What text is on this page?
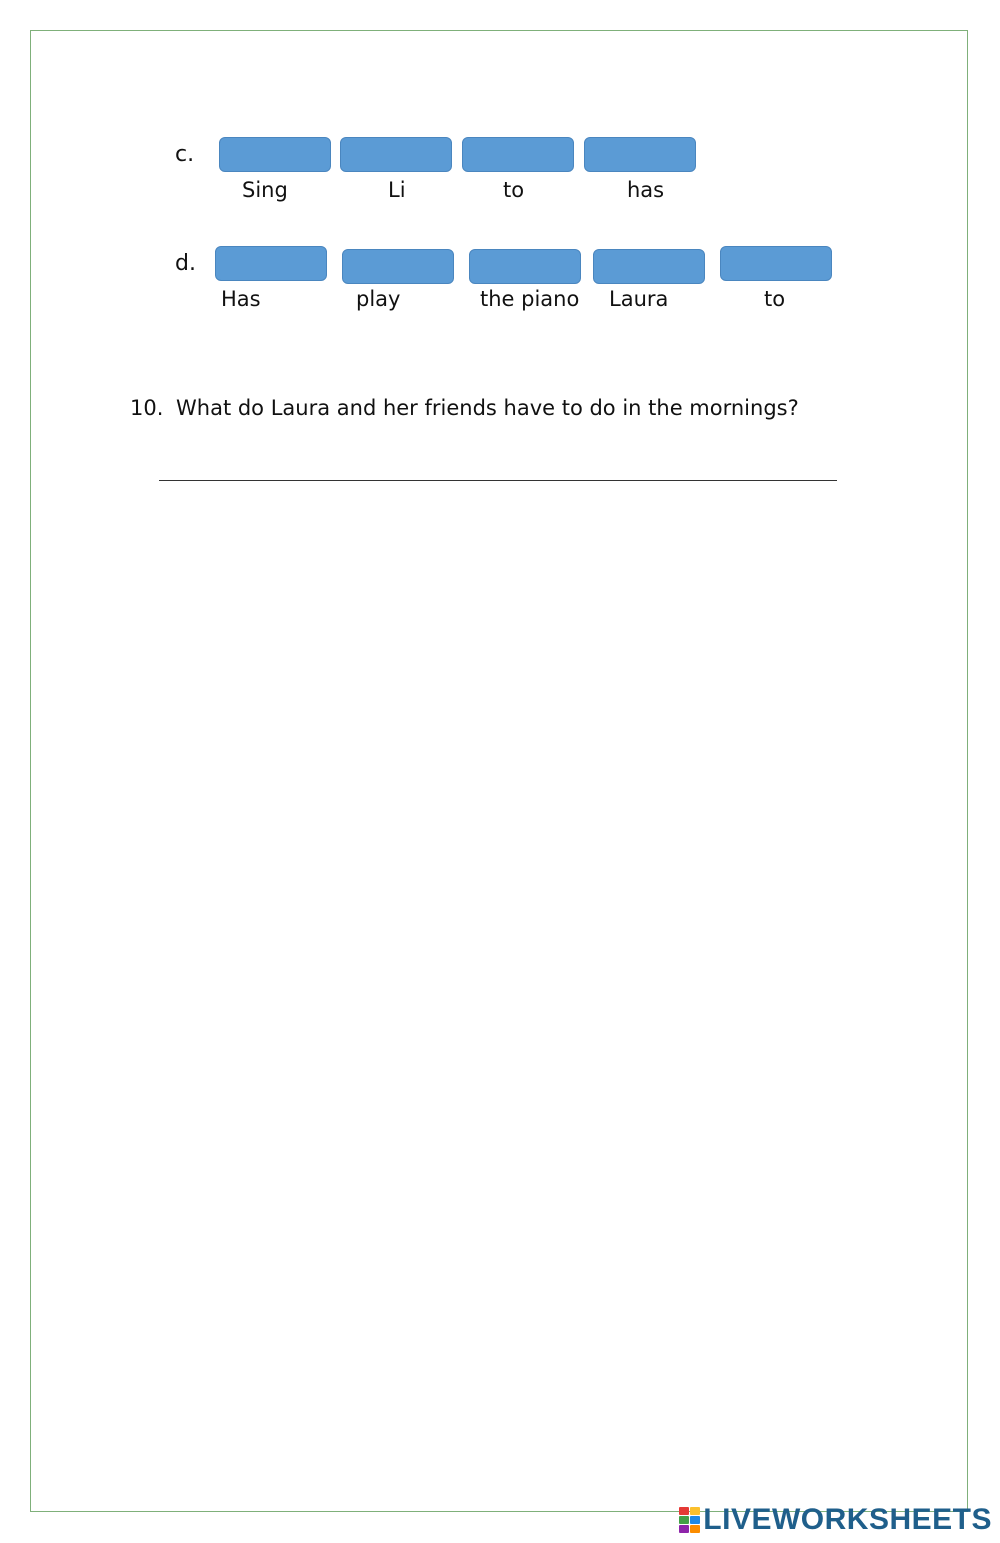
c.
Sing	Li	to	has
d.
Has	play	the piano Laura	to
10. What do Laura and her friends have to do in the mornings?
LIVEWORKSHEETS
